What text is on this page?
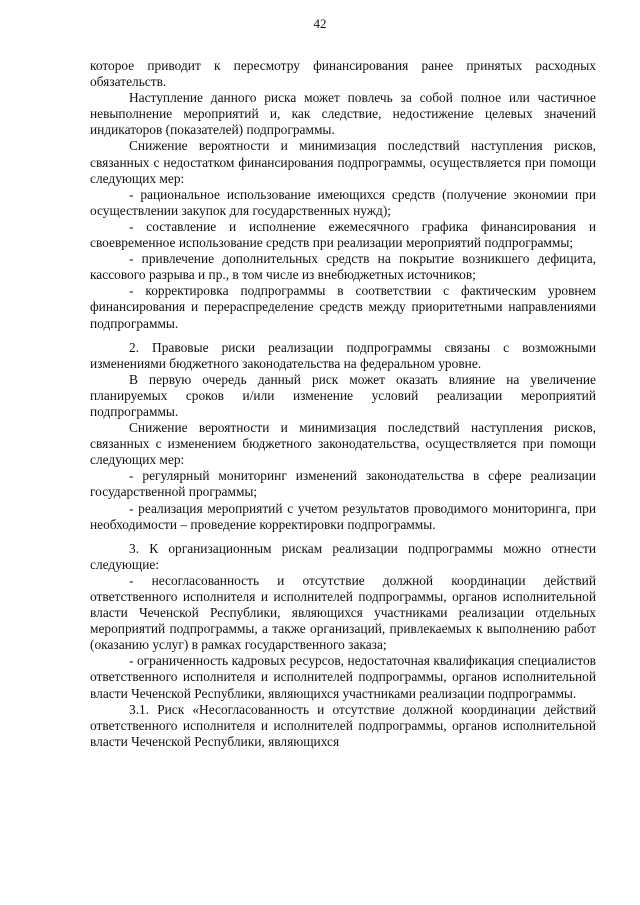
42

которое приводит к пересмотру финансирования ранее принятых расходных обязательств.

Наступление данного риска может повлечь за собой полное или частичное невыполнение мероприятий и, как следствие, недостижение целевых значений индикаторов (показателей) подпрограммы.

Снижение вероятности и минимизация последствий наступления рисков, связанных с недостатком финансирования подпрограммы, осуществляется при помощи следующих мер:

- рациональное использование имеющихся средств (получение экономии при осуществлении закупок для государственных нужд);

- составление и исполнение ежемесячного графика финансирования и своевременное использование средств при реализации мероприятий подпрограммы;

- привлечение дополнительных средств на покрытие возникшего дефицита, кассового разрыва и пр., в том числе из внебюджетных источников;

- корректировка подпрограммы в соответствии с фактическим уровнем финансирования и перераспределение средств между приоритетными направлениями подпрограммы.

2. Правовые риски реализации подпрограммы связаны с возможными изменениями бюджетного законодательства на федеральном уровне.

В первую очередь данный риск может оказать влияние на увеличение планируемых сроков и/или изменение условий реализации мероприятий подпрограммы.

Снижение вероятности и минимизация последствий наступления рисков, связанных с изменением бюджетного законодательства, осуществляется при помощи следующих мер:

- регулярный мониторинг изменений законодательства в сфере реализации государственной программы;

- реализация мероприятий с учетом результатов проводимого мониторинга, при необходимости – проведение корректировки подпрограммы.

3. К организационным рискам реализации подпрограммы можно отнести следующие:

- несогласованность и отсутствие должной координации действий ответственного исполнителя и исполнителей подпрограммы, органов исполнительной власти Чеченской Республики, являющихся участниками реализации отдельных мероприятий подпрограммы, а также организаций, привлекаемых к выполнению работ (оказанию услуг) в рамках государственного заказа;

- ограниченность кадровых ресурсов, недостаточная квалификация специалистов ответственного исполнителя и исполнителей подпрограммы, органов исполнительной власти Чеченской Республики, являющихся участниками реализации подпрограммы.

3.1. Риск «Несогласованность и отсутствие должной координации действий ответственного исполнителя и исполнителей подпрограммы, органов исполнительной власти Чеченской Республики, являющихся
